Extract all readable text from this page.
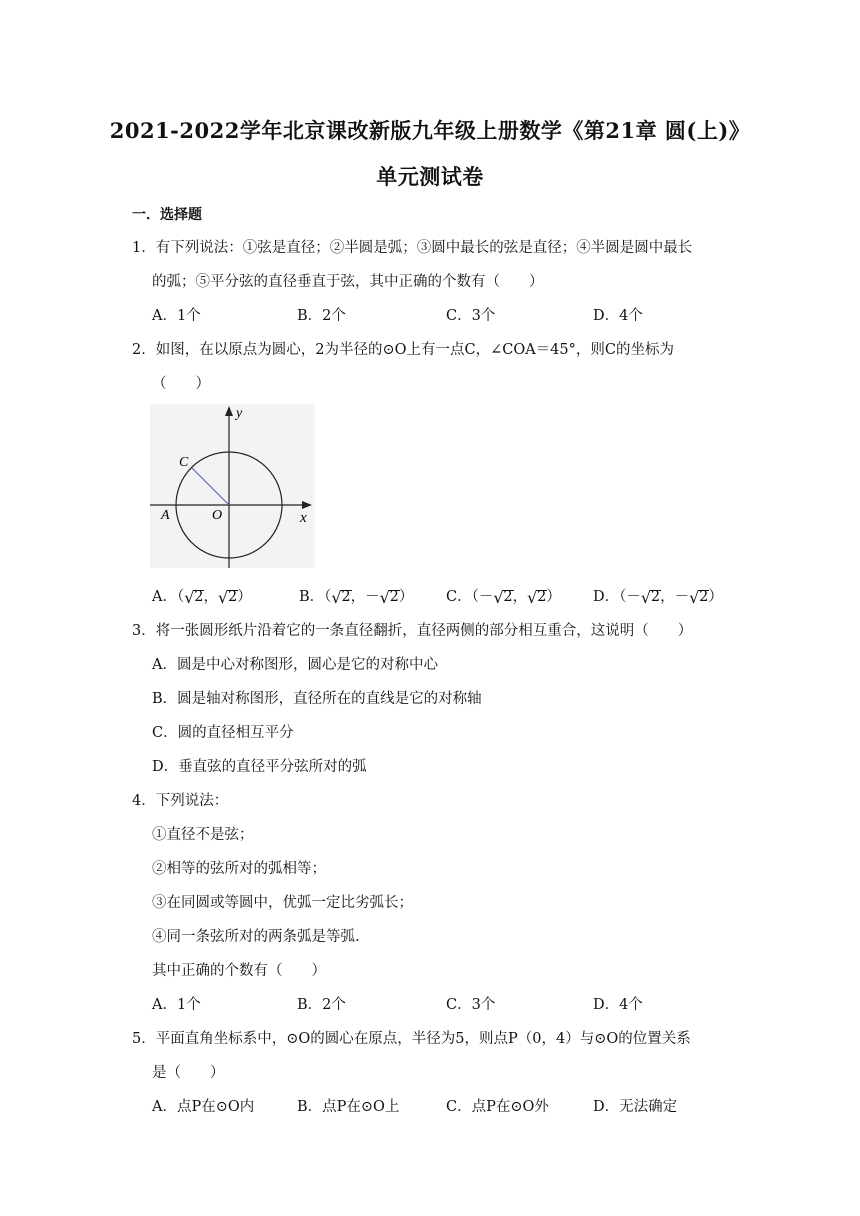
2021-2022学年北京课改新版九年级上册数学《第21章 圆(上)》
单元测试卷
一．选择题
1．有下列说法：①弦是直径；②半圆是弧；③圆中最长的弦是直径；④半圆是圆中最长
的弧；⑤平分弦的直径垂直于弦，其中正确的个数有（　　）
A．1个	B．2个	C．3个	D．4个
2．如图，在以原点为圆心，2为半径的⊙O上有一点C，∠COA＝45°，则C的坐标为
（　　）
y
x
C
A	O
A．（ √ 2， √ 2）	B．（ √ 2，－ √ 2） C．（－ √ 2， √ 2） D．（－ √ 2，－ √ 2）
3．将一张圆形纸片沿着它的一条直径翻折，直径两侧的部分相互重合，这说明（　　）
A．圆是中心对称图形，圆心是它的对称中心
B．圆是轴对称图形，直径所在的直线是它的对称轴
C．圆的直径相互平分
D．垂直弦的直径平分弦所对的弧
4．下列说法：
①直径不是弦；
②相等的弦所对的弧相等；
③在同圆或等圆中，优弧一定比劣弧长；
④同一条弦所对的两条弧是等弧.
其中正确的个数有（　　）
A．1个	B．2个	C．3个	D．4个
5．平面直角坐标系中，⊙O的圆心在原点，半径为5，则点P（0，4）与⊙O的位置关系
是（　　）
A．点P在⊙O内	B．点P在⊙O上	C．点P在⊙O外	D．无法确定
